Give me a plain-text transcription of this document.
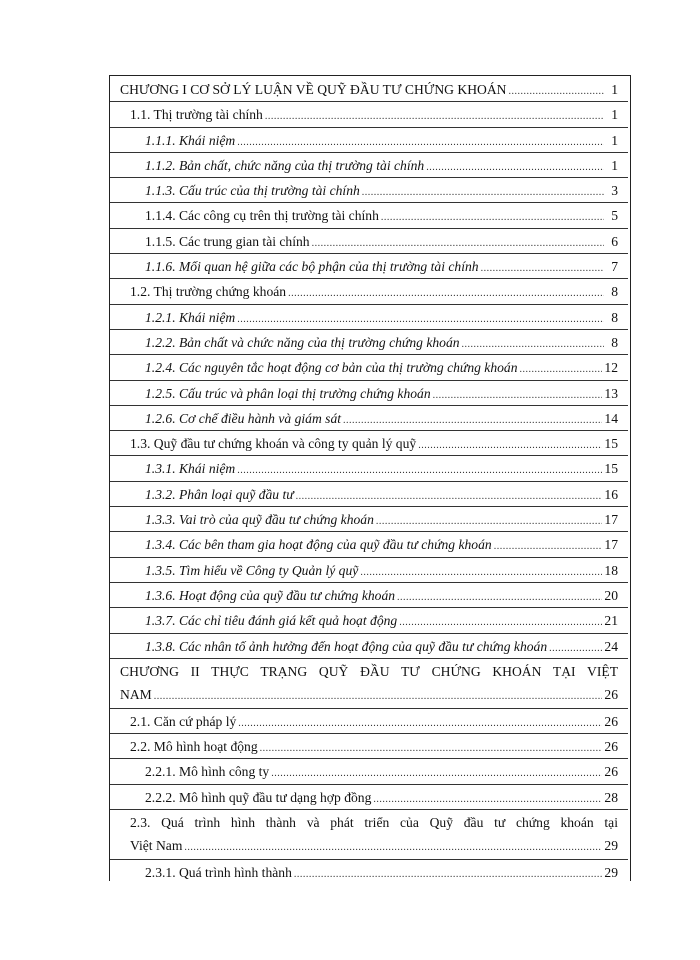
CHƯƠNG I CƠ SỞ LÝ LUẬN VỀ QUỸ ĐẦU TƯ CHỨNG KHOÁN .....	1
1.1. Thị trường tài chính .....	1
1.1.1. Khái niệm .....	1
1.1.2. Bản chất, chức năng của thị trường tài chính .....	1
1.1.3. Cấu trúc của thị trường tài chính .....	3
1.1.4. Các công cụ trên thị trường tài chính .....	5
1.1.5. Các trung gian tài chính .....	6
1.1.6. Mối quan hệ giữa các bộ phận của thị trường tài chính .....	7
1.2. Thị trường chứng khoán .....	8
1.2.1. Khái niệm .....	8
1.2.2. Bản chất và chức năng của thị trường chứng khoán .....	8
1.2.4. Các nguyên tắc hoạt động cơ bản của thị trường chứng khoán .....	12
1.2.5. Cấu trúc và phân loại thị trường chứng khoán .....	13
1.2.6. Cơ chế điều hành và giám sát .....	14
1.3. Quỹ đầu tư chứng khoán và công ty quản lý quỹ .....	15
1.3.1. Khái niệm .....	15
1.3.2. Phân loại quỹ đầu tư .....	16
1.3.3. Vai trò của quỹ đầu tư chứng khoán .....	17
1.3.4. Các bên tham gia hoạt động của quỹ đầu tư chứng khoán .....	17
1.3.5. Tìm hiểu về Công ty Quản lý quỹ .....	18
1.3.6. Hoạt động của quỹ đầu tư chứng khoán .....	20
1.3.7. Các chỉ tiêu đánh giá kết quả hoạt động .....	21
1.3.8. Các nhân tố ảnh hưởng đến hoạt động của quỹ đầu tư chứng khoán .....	24
CHƯƠNG II THỰC TRẠNG QUỸ ĐẦU TƯ CHỨNG KHOÁN TẠI VIỆT
NAM .....	26
2.1. Căn cứ pháp lý .....	26
2.2. Mô hình hoạt động .....	26
2.2.1. Mô hình công ty .....	26
2.2.2. Mô hình quỹ đầu tư dạng hợp đồng .....	28
2.3. Quá trình hình thành và phát triển của Quỹ đầu tư chứng khoán tại
Việt Nam .....	29
2.3.1. Quá trình hình thành .....	29
